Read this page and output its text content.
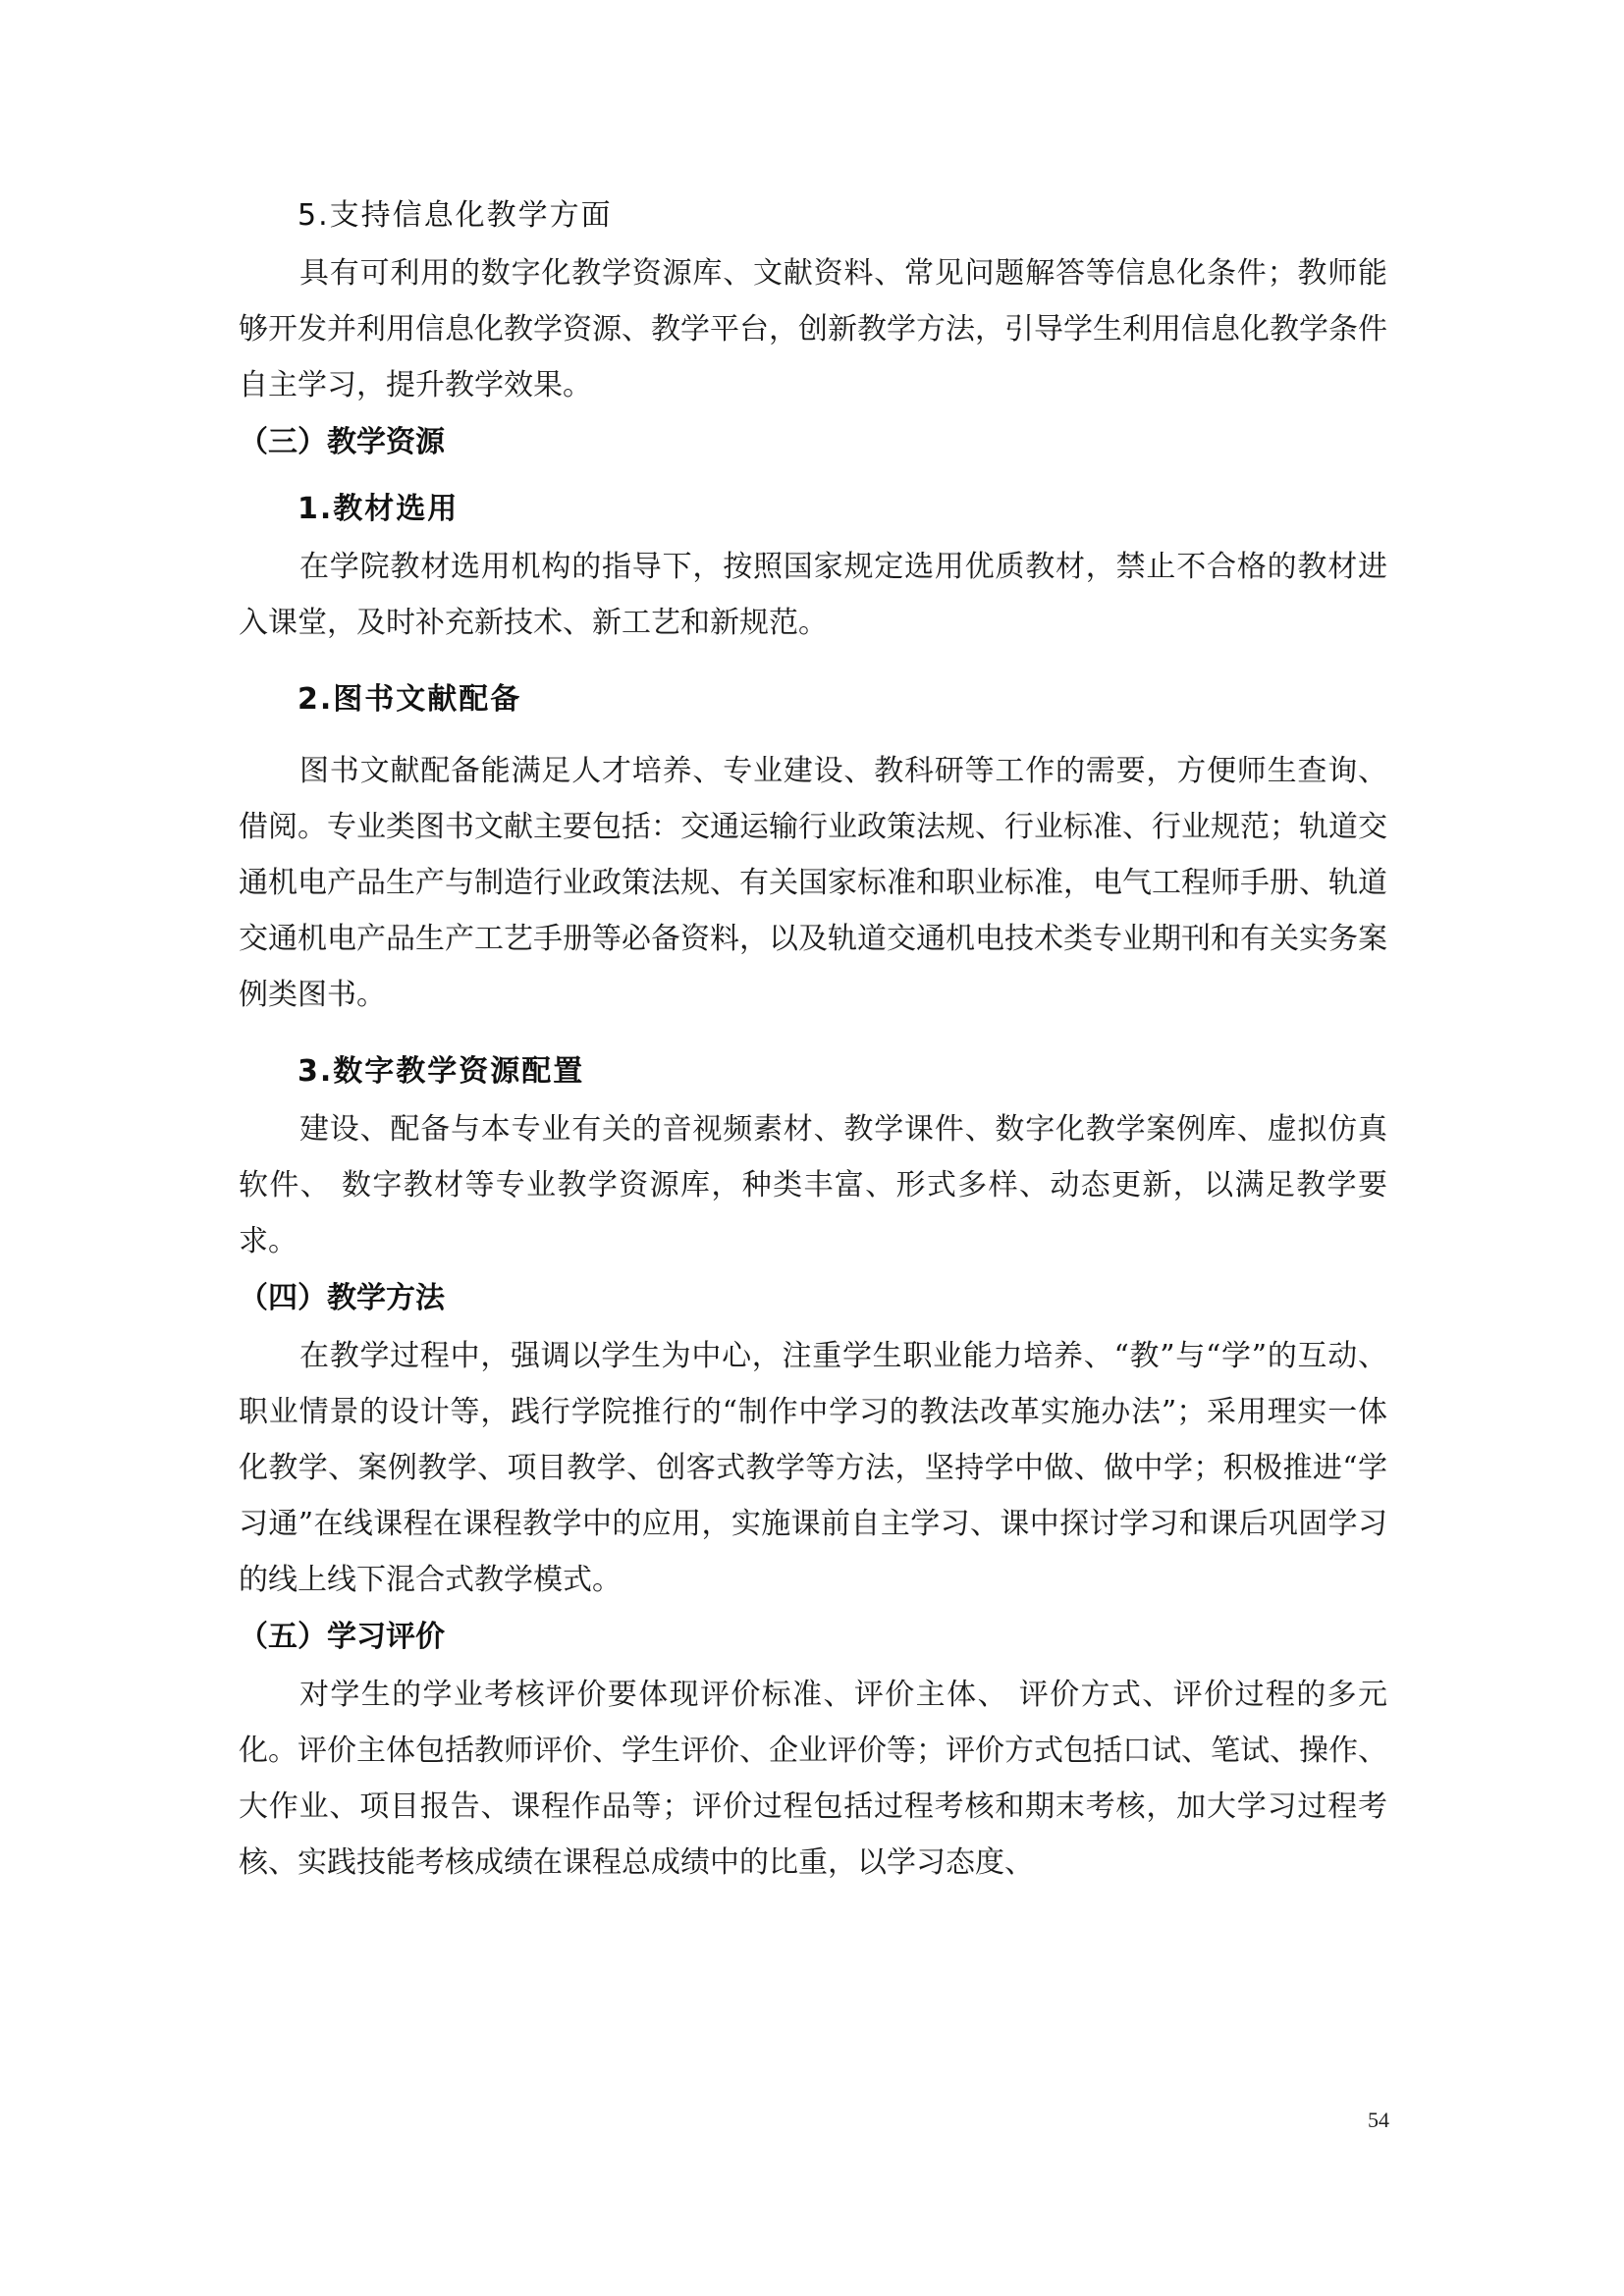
5.支持信息化教学方面

具有可利用的数字化教学资源库、文献资料、常见问题解答等信息化条件；教师能够开发并利用信息化教学资源、教学平台，创新教学方法，引导学生利用信息化教学条件自主学习，提升教学效果。

（三）教学资源
1.教材选用

在学院教材选用机构的指导下，按照国家规定选用优质教材，禁止不合格的教材进入课堂，及时补充新技术、新工艺和新规范。

2.图书文献配备

图书文献配备能满足人才培养、专业建设、教科研等工作的需要，方便师生查询、借阅。专业类图书文献主要包括：交通运输行业政策法规、行业标准、行业规范；轨道交通机电产品生产与制造行业政策法规、有关国家标准和职业标准，电气工程师手册、轨道交通机电产品生产工艺手册等必备资料，以及轨道交通机电技术类专业期刊和有关实务案例类图书。

3.数字教学资源配置

建设、配备与本专业有关的音视频素材、教学课件、数字化教学案例库、虚拟仿真软件、 数字教材等专业教学资源库，种类丰富、形式多样、动态更新，以满足教学要求。

（四）教学方法

在教学过程中，强调以学生为中心，注重学生职业能力培养、“教”与“学”的互动、职业情景的设计等，践行学院推行的“制作中学习的教法改革实施办法”；采用理实一体化教学、案例教学、项目教学、创客式教学等方法，坚持学中做、做中学；积极推进“学习通”在线课程在课程教学中的应用，实施课前自主学习、课中探讨学习和课后巩固学习的线上线下混合式教学模式。

（五）学习评价

对学生的学业考核评价要体现评价标准、评价主体、 评价方式、评价过程的多元化。评价主体包括教师评价、学生评价、企业评价等；评价方式包括口试、笔试、操作、大作业、项目报告、课程作品等；评价过程包括过程考核和期末考核，加大学习过程考核、实践技能考核成绩在课程总成绩中的比重，以学习态度、

54
